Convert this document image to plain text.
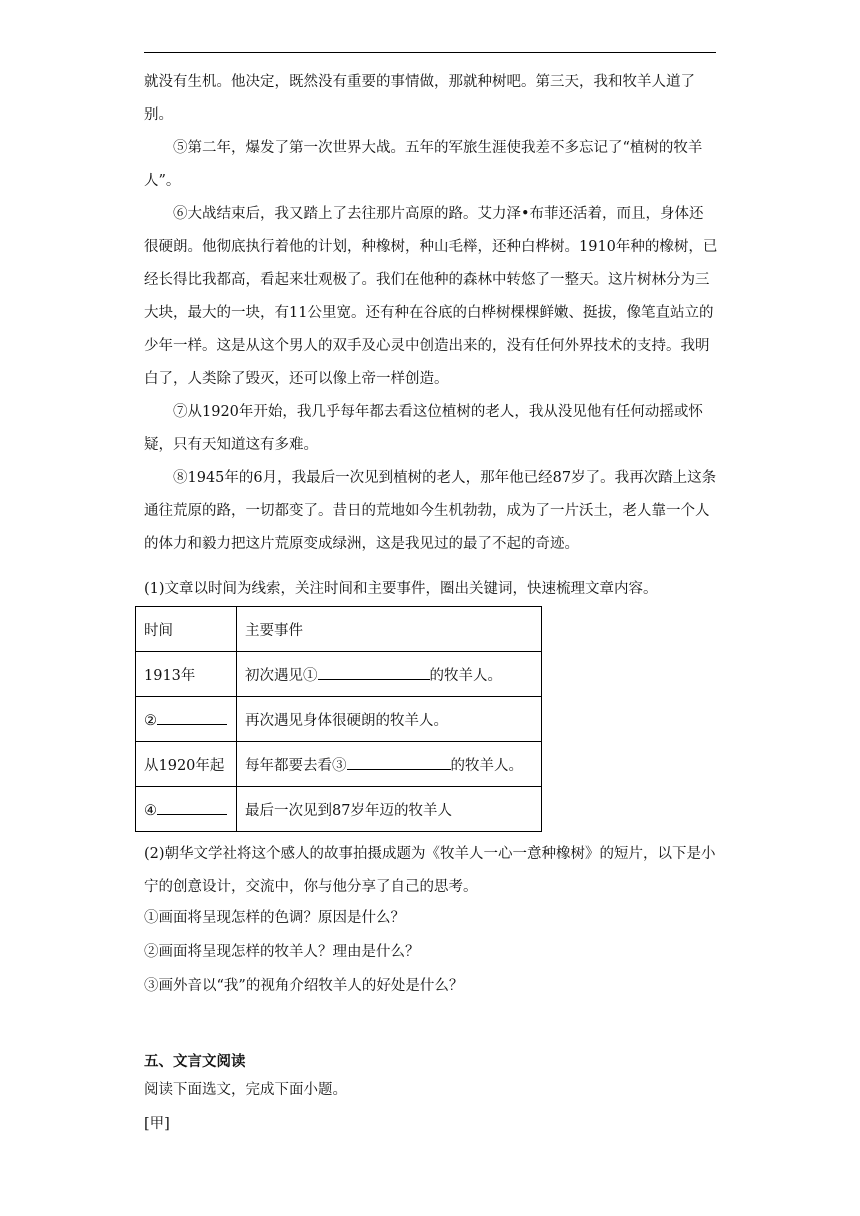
就没有生机。他决定，既然没有重要的事情做，那就种树吧。第三天，我和牧羊人道了别。

⑤第二年，爆发了第一次世界大战。五年的军旅生涯使我差不多忘记了“植树的牧羊人”。

⑥大战结束后，我又踏上了去往那片高原的路。艾力泽•布菲还活着，而且，身体还很硬朗。他彻底执行着他的计划，种橡树，种山毛榉，还种白桦树。1910年种的橡树，已经长得比我都高，看起来壮观极了。我们在他种的森林中转悠了一整天。这片树林分为三大块，最大的一块，有11公里宽。还有种在谷底的白桦树棵棵鲜嫩、挺拔，像笔直站立的少年一样。这是从这个男人的双手及心灵中创造出来的，没有任何外界技术的支持。我明白了，人类除了毁灭，还可以像上帝一样创造。

⑦从1920年开始，我几乎每年都去看这位植树的老人，我从没见他有任何动摇或怀疑，只有天知道这有多难。

⑧1945年的6月，我最后一次见到植树的老人，那年他已经87岁了。我再次踏上这条通往荒原的路，一切都变了。昔日的荒地如今生机勃勃，成为了一片沃土，老人靠一个人的体力和毅力把这片荒原变成绿洲，这是我见过的最了不起的奇迹。

(1)文章以时间为线索，关注时间和主要事件，圈出关键词，快速梳理文章内容。

时间	主要事件
1913年	初次遇见① 的牧羊人。
②	再次遇见身体很硬朗的牧羊人。
从1920年起	每年都要去看③ 的牧羊人。
④	最后一次见到87岁年迈的牧羊人

(2)朝华文学社将这个感人的故事拍摄成题为《牧羊人一心一意种橡树》的短片，以下是小宁的创意设计，交流中，你与他分享了自己的思考。

①画面将呈现怎样的色调？原因是什么？

②画面将呈现怎样的牧羊人？理由是什么？

③画外音以“我”的视角介绍牧羊人的好处是什么？

五、文言文阅读

阅读下面选文，完成下面小题。

[甲]
